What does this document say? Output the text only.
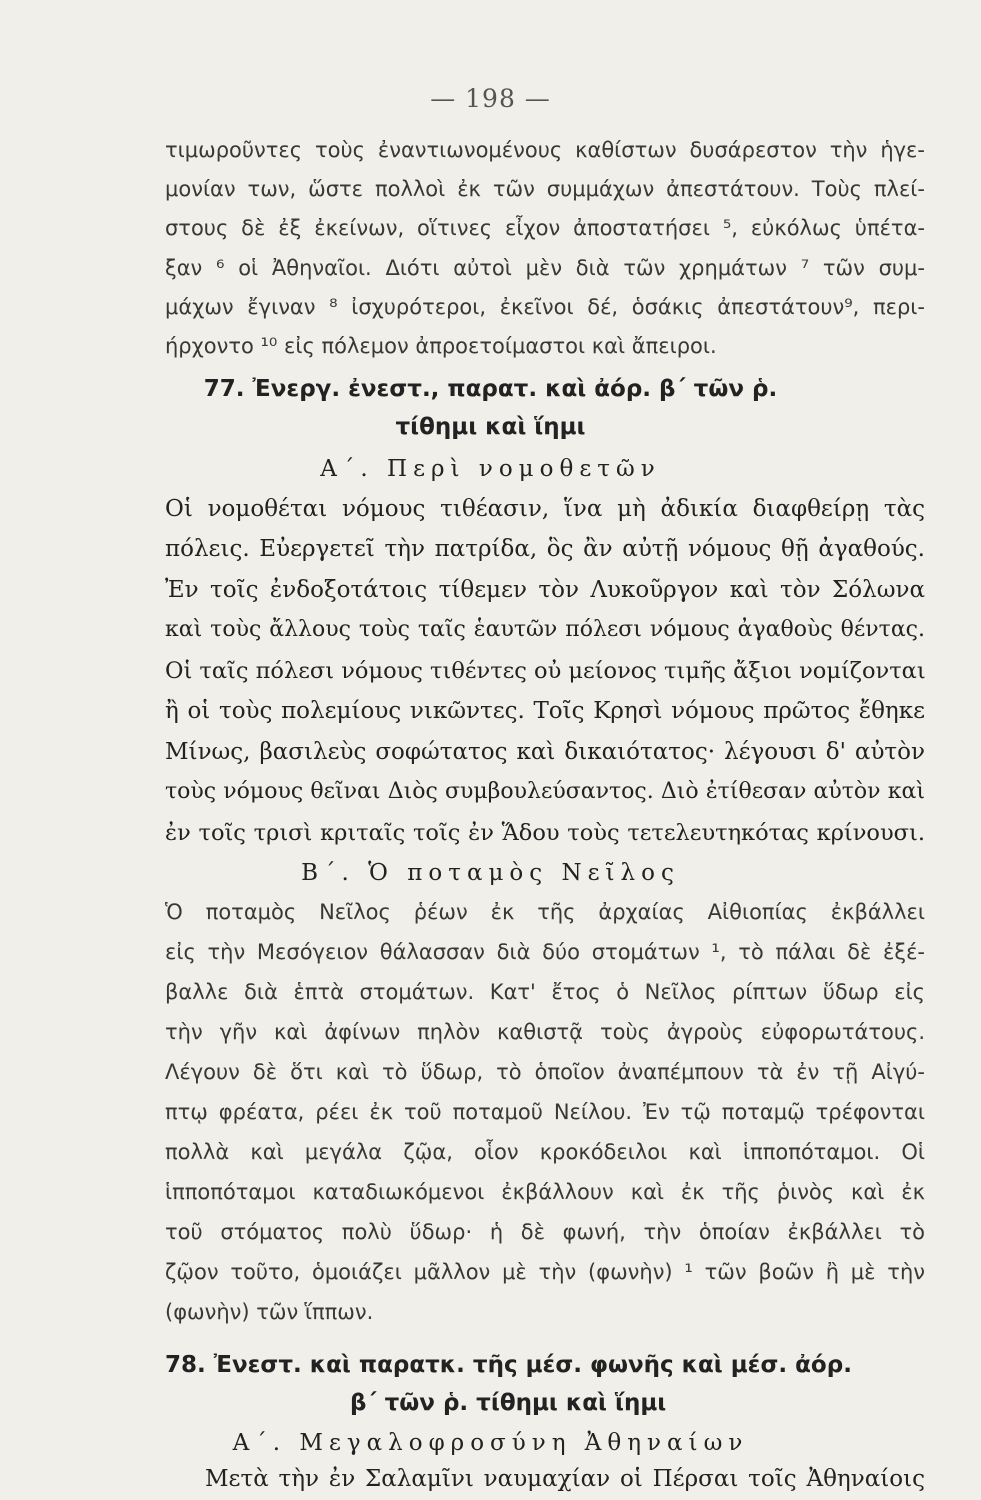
— 198 —
τιμωροῦντες τοὺς ἐναντιωνομένους καθίστων δυσάρεστον τὴν ἡγε-
μονίαν των, ὥστε πολλοὶ ἐκ τῶν συμμάχων ἀπεστάτουν. Τοὺς πλεί-
στους δὲ ἐξ ἐκείνων, οἵτινες εἶχον ἀποστατήσει ⁵, εὐκόλως ὑπέτα-
ξαν ⁶ οἱ Ἀθηναῖοι. Διότι αὐτοὶ μὲν διὰ τῶν χρημάτων ⁷ τῶν συμ-
μάχων ἔγιναν ⁸ ἰσχυρότεροι, ἐκεῖνοι δέ, ὁσάκις ἀπεστάτουν⁹, περι-
ήρχοντο ¹⁰ εἰς πόλεμον ἀπροετοίμαστοι καὶ ἄπειροι.
77. Ἐνεργ. ἐνεστ., παρατ. καὶ ἀόρ. β΄ τῶν ῥ.
τίθημι καὶ ἵημι
Α΄. Περὶ νομοθετῶν
Οἱ νομοθέται νόμους τιθέασιν, ἵνα μὴ ἀδικία διαφθείρῃ τὰς
πόλεις. Εὐεργετεῖ τὴν πατρίδα, ὃς ἂν αὐτῇ νόμους θῇ ἀγαθούς.
Ἐν τοῖς ἐνδοξοτάτοις τίθεμεν τὸν Λυκοῦργον καὶ τὸν Σόλωνα
καὶ τοὺς ἄλλους τοὺς ταῖς ἑαυτῶν πόλεσι νόμους ἀγαθοὺς θέντας.
Οἱ ταῖς πόλεσι νόμους τιθέντες οὐ μείονος τιμῆς ἄξιοι νομίζονται
ἢ οἱ τοὺς πολεμίους νικῶντες. Τοῖς Κρησὶ νόμους πρῶτος ἔθηκε
Μίνως, βασιλεὺς σοφώτατος καὶ δικαιότατος· λέγουσι δ' αὐτὸν
τοὺς νόμους θεῖναι Διὸς συμβουλεύσαντος. Διὸ ἐτίθεσαν αὐτὸν καὶ
ἐν τοῖς τρισὶ κριταῖς τοῖς ἐν Ἅδου τοὺς τετελευτηκότας κρίνουσι.
Β΄. Ὁ ποταμὸς Νεῖλος
Ὁ ποταμὸς Νεῖλος ῥέων ἐκ τῆς ἀρχαίας Αἰθιοπίας ἐκβάλλει
εἰς τὴν Μεσόγειον θάλασσαν διὰ δύο στομάτων ¹, τὸ πάλαι δὲ ἐξέ-
βαλλε διὰ ἑπτὰ στομάτων. Κατ' ἔτος ὁ Νεῖλος ρίπτων ὕδωρ εἰς
τὴν γῆν καὶ ἀφίνων πηλὸν καθιστᾷ τοὺς ἀγροὺς εὐφορωτάτους.
Λέγουν δὲ ὅτι καὶ τὸ ὕδωρ, τὸ ὁποῖον ἀναπέμπουν τὰ ἐν τῇ Αἰγύ-
πτῳ φρέατα, ρέει ἐκ τοῦ ποταμοῦ Νείλου. Ἐν τῷ ποταμῷ τρέφονται
πολλὰ καὶ μεγάλα ζῷα, οἷον κροκόδειλοι καὶ ἱπποπόταμοι. Οἱ
ἱπποπόταμοι καταδιωκόμενοι ἐκβάλλουν καὶ ἐκ τῆς ῥινὸς καὶ ἐκ
τοῦ στόματος πολὺ ὕδωρ· ἡ δὲ φωνή, τὴν ὁποίαν ἐκβάλλει τὸ
ζῷον τοῦτο, ὁμοιάζει μᾶλλον μὲ τὴν (φωνὴν) ¹ τῶν βοῶν ἢ μὲ τὴν
(φωνὴν) τῶν ἵππων.
78. Ἐνεστ. καὶ παρατκ. τῆς μέσ. φωνῆς καὶ μέσ. ἀόρ.
β΄ τῶν ῥ. τίθημι καὶ ἵημι
Α΄. Μεγαλοφροσύνη Ἀθηναίων
Μετὰ τὴν ἐν Σαλαμῖνι ναυμαχίαν οἱ Πέρσαι τοῖς Ἀθηναίοις
